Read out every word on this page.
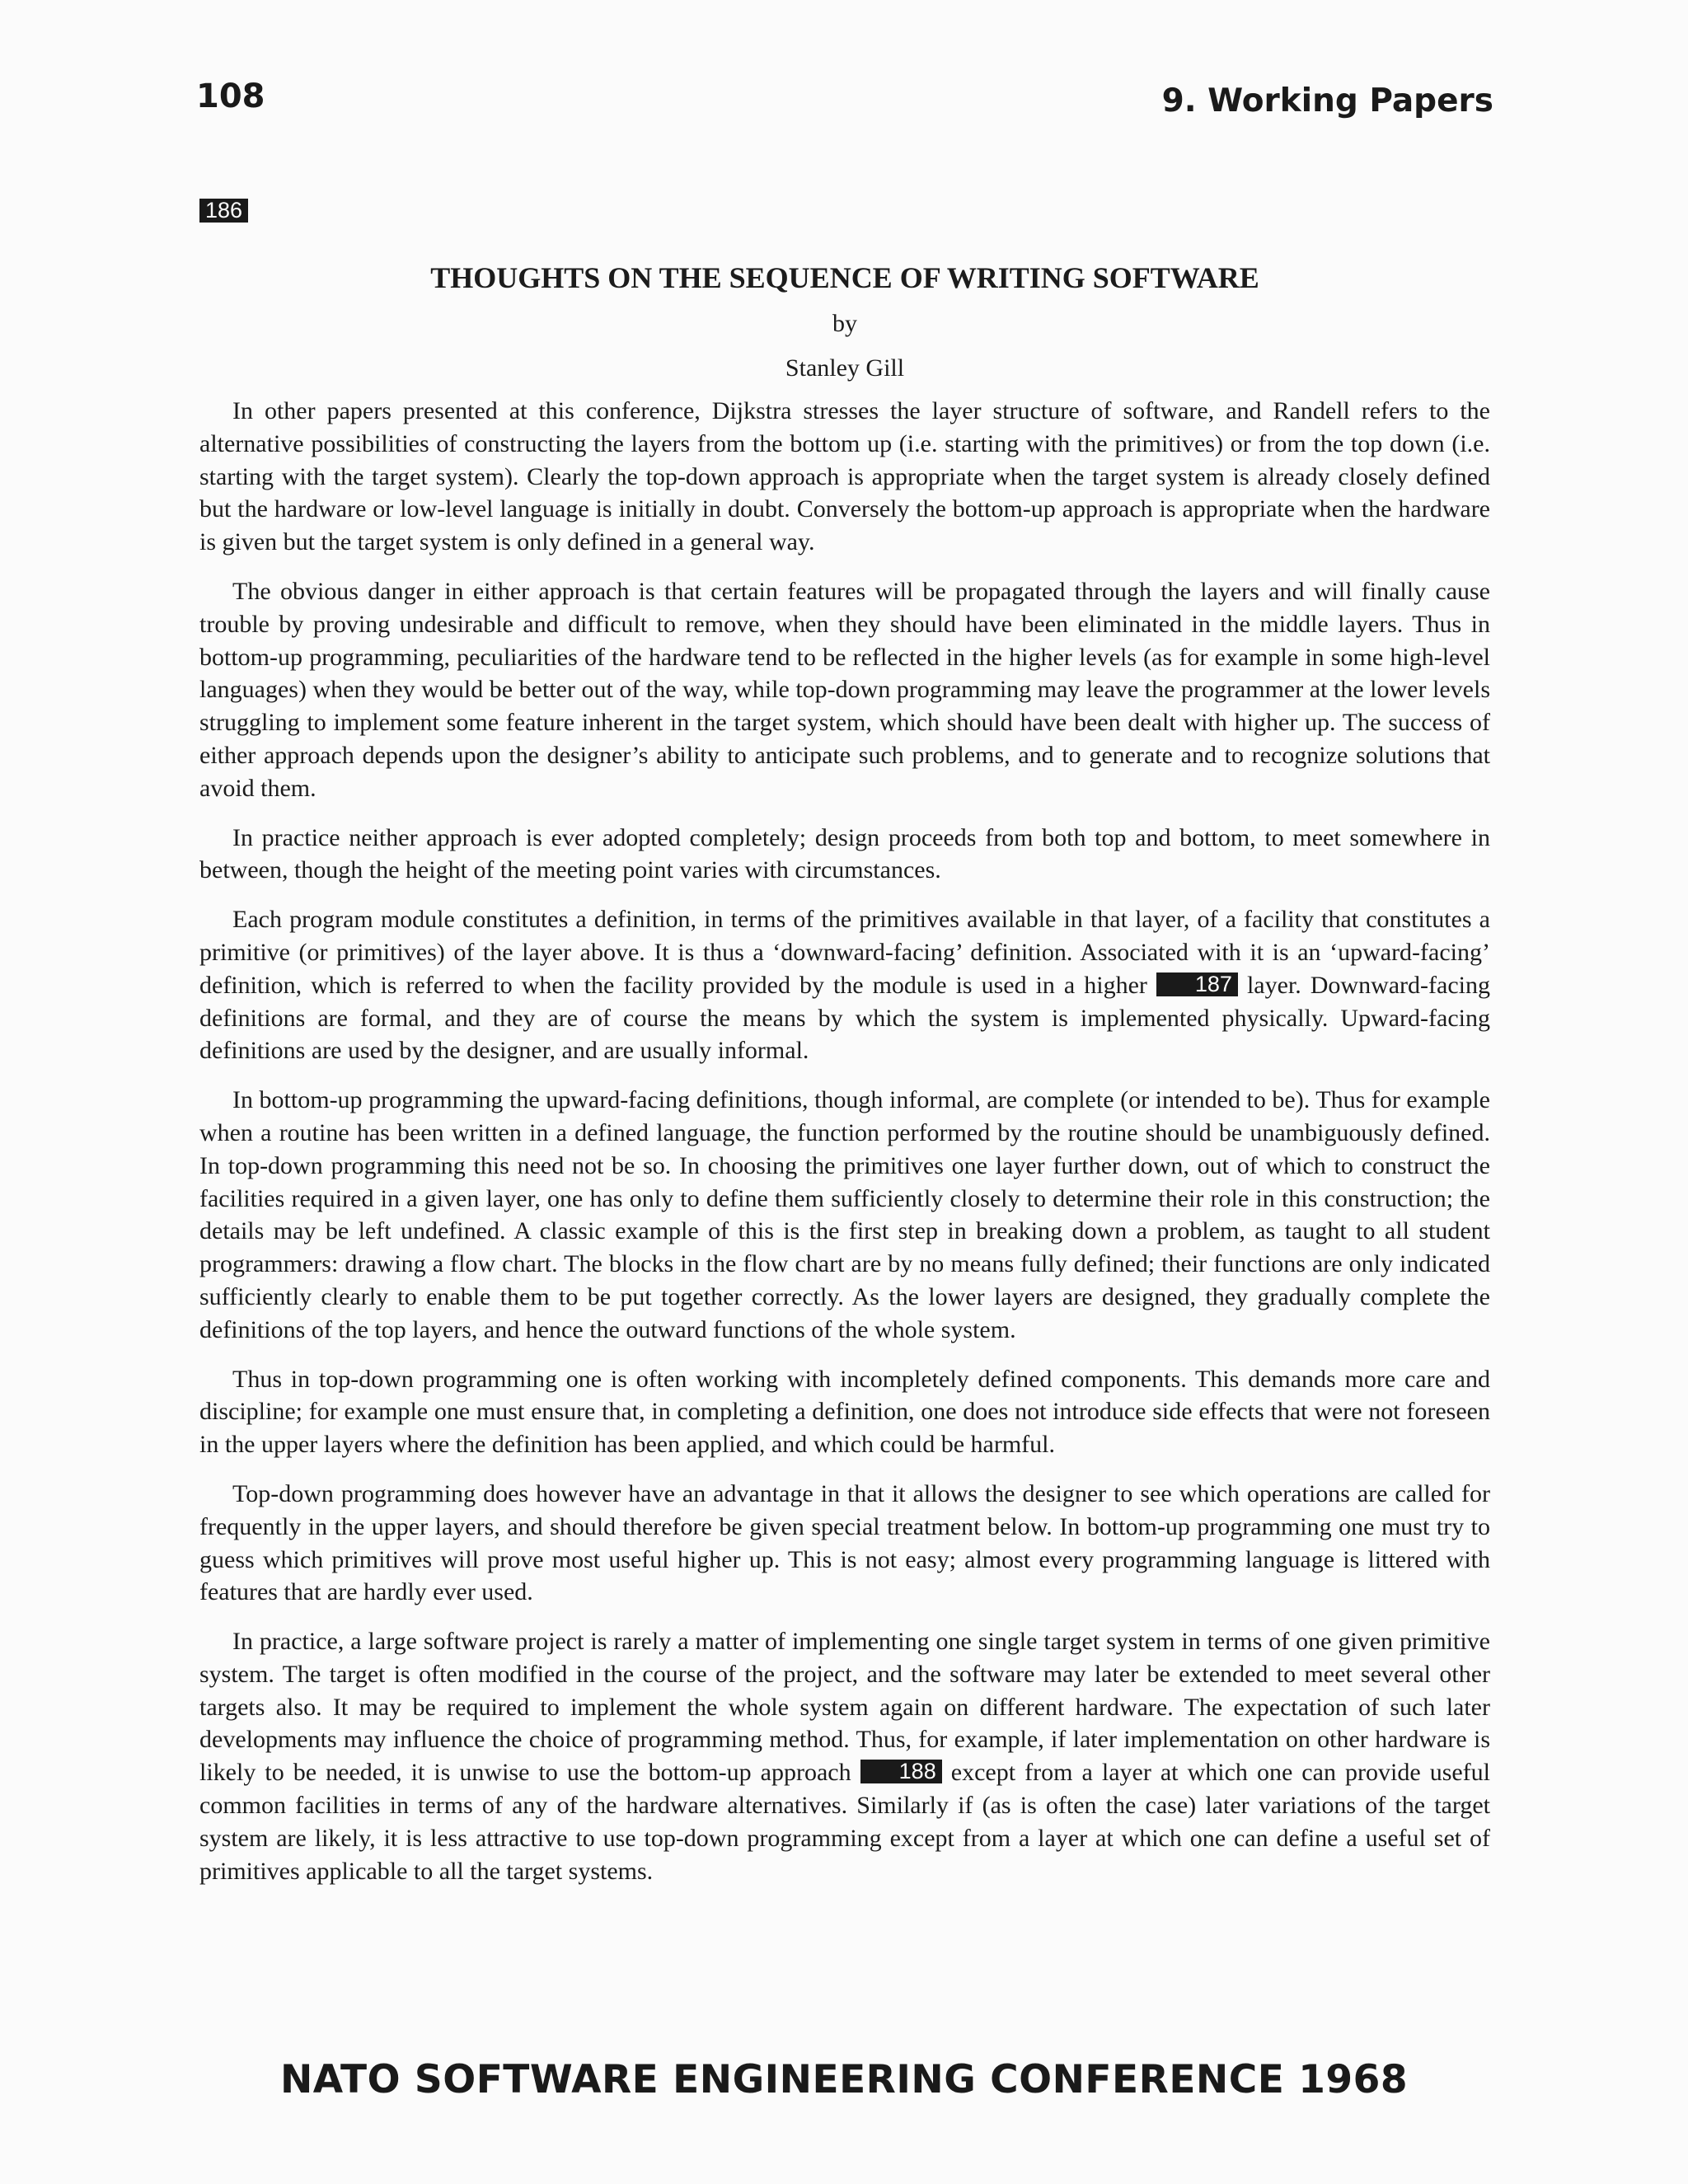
108	9. Working Papers
186
THOUGHTS ON THE SEQUENCE OF WRITING SOFTWARE
by
Stanley Gill

In other papers presented at this conference, Dijkstra stresses the layer structure of software, and Randell refers to the alternative possibilities of constructing the layers from the bottom up (i.e. starting with the primitives) or from the top down (i.e. starting with the target system). Clearly the top-down approach is appropriate when the target system is already closely defined but the hardware or low-level language is initially in doubt. Conversely the bottom-up approach is appropriate when the hardware is given but the target system is only defined in a general way.

The obvious danger in either approach is that certain features will be propagated through the layers and will finally cause trouble by proving undesirable and difficult to remove, when they should have been eliminated in the middle layers. Thus in bottom-up programming, peculiarities of the hardware tend to be reflected in the higher levels (as for example in some high-level languages) when they would be better out of the way, while top-down programming may leave the programmer at the lower levels struggling to implement some feature inherent in the target system, which should have been dealt with higher up. The success of either approach depends upon the designer’s ability to anticipate such problems, and to generate and to recognize solutions that avoid them.

In practice neither approach is ever adopted completely; design proceeds from both top and bottom, to meet somewhere in between, though the height of the meeting point varies with circumstances.

Each program module constitutes a definition, in terms of the primitives available in that layer, of a facility that constitutes a primitive (or primitives) of the layer above. It is thus a ‘downward-facing’ definition. Associated with it is an ‘upward-facing’ definition, which is referred to when the facility provided by the module is used in a higher 187 layer. Downward-facing definitions are formal, and they are of course the means by which the system is implemented physically. Upward-facing definitions are used by the designer, and are usually informal.

In bottom-up programming the upward-facing definitions, though informal, are complete (or intended to be). Thus for example when a routine has been written in a defined language, the function performed by the routine should be unambiguously defined. In top-down programming this need not be so. In choosing the primitives one layer further down, out of which to construct the facilities required in a given layer, one has only to define them sufficiently closely to determine their role in this construction; the details may be left undefined. A classic example of this is the first step in breaking down a problem, as taught to all student programmers: drawing a flow chart. The blocks in the flow chart are by no means fully defined; their functions are only indicated sufficiently clearly to enable them to be put together correctly. As the lower layers are designed, they gradually complete the definitions of the top layers, and hence the outward functions of the whole system.

Thus in top-down programming one is often working with incompletely defined components. This demands more care and discipline; for example one must ensure that, in completing a definition, one does not introduce side effects that were not foreseen in the upper layers where the definition has been applied, and which could be harmful.

Top-down programming does however have an advantage in that it allows the designer to see which operations are called for frequently in the upper layers, and should therefore be given special treatment below. In bottom-up programming one must try to guess which primitives will prove most useful higher up. This is not easy; almost every programming language is littered with features that are hardly ever used.

In practice, a large software project is rarely a matter of implementing one single target system in terms of one given primitive system. The target is often modified in the course of the project, and the software may later be extended to meet several other targets also. It may be required to implement the whole system again on different hardware. The expectation of such later developments may influence the choice of programming method. Thus, for example, if later implementation on other hardware is likely to be needed, it is unwise to use the bottom-up approach 188 except from a layer at which one can provide useful common facilities in terms of any of the hardware alternatives. Similarly if (as is often the case) later variations of the target system are likely, it is less attractive to use top-down programming except from a layer at which one can define a useful set of primitives applicable to all the target systems.

NATO SOFTWARE ENGINEERING CONFERENCE 1968
